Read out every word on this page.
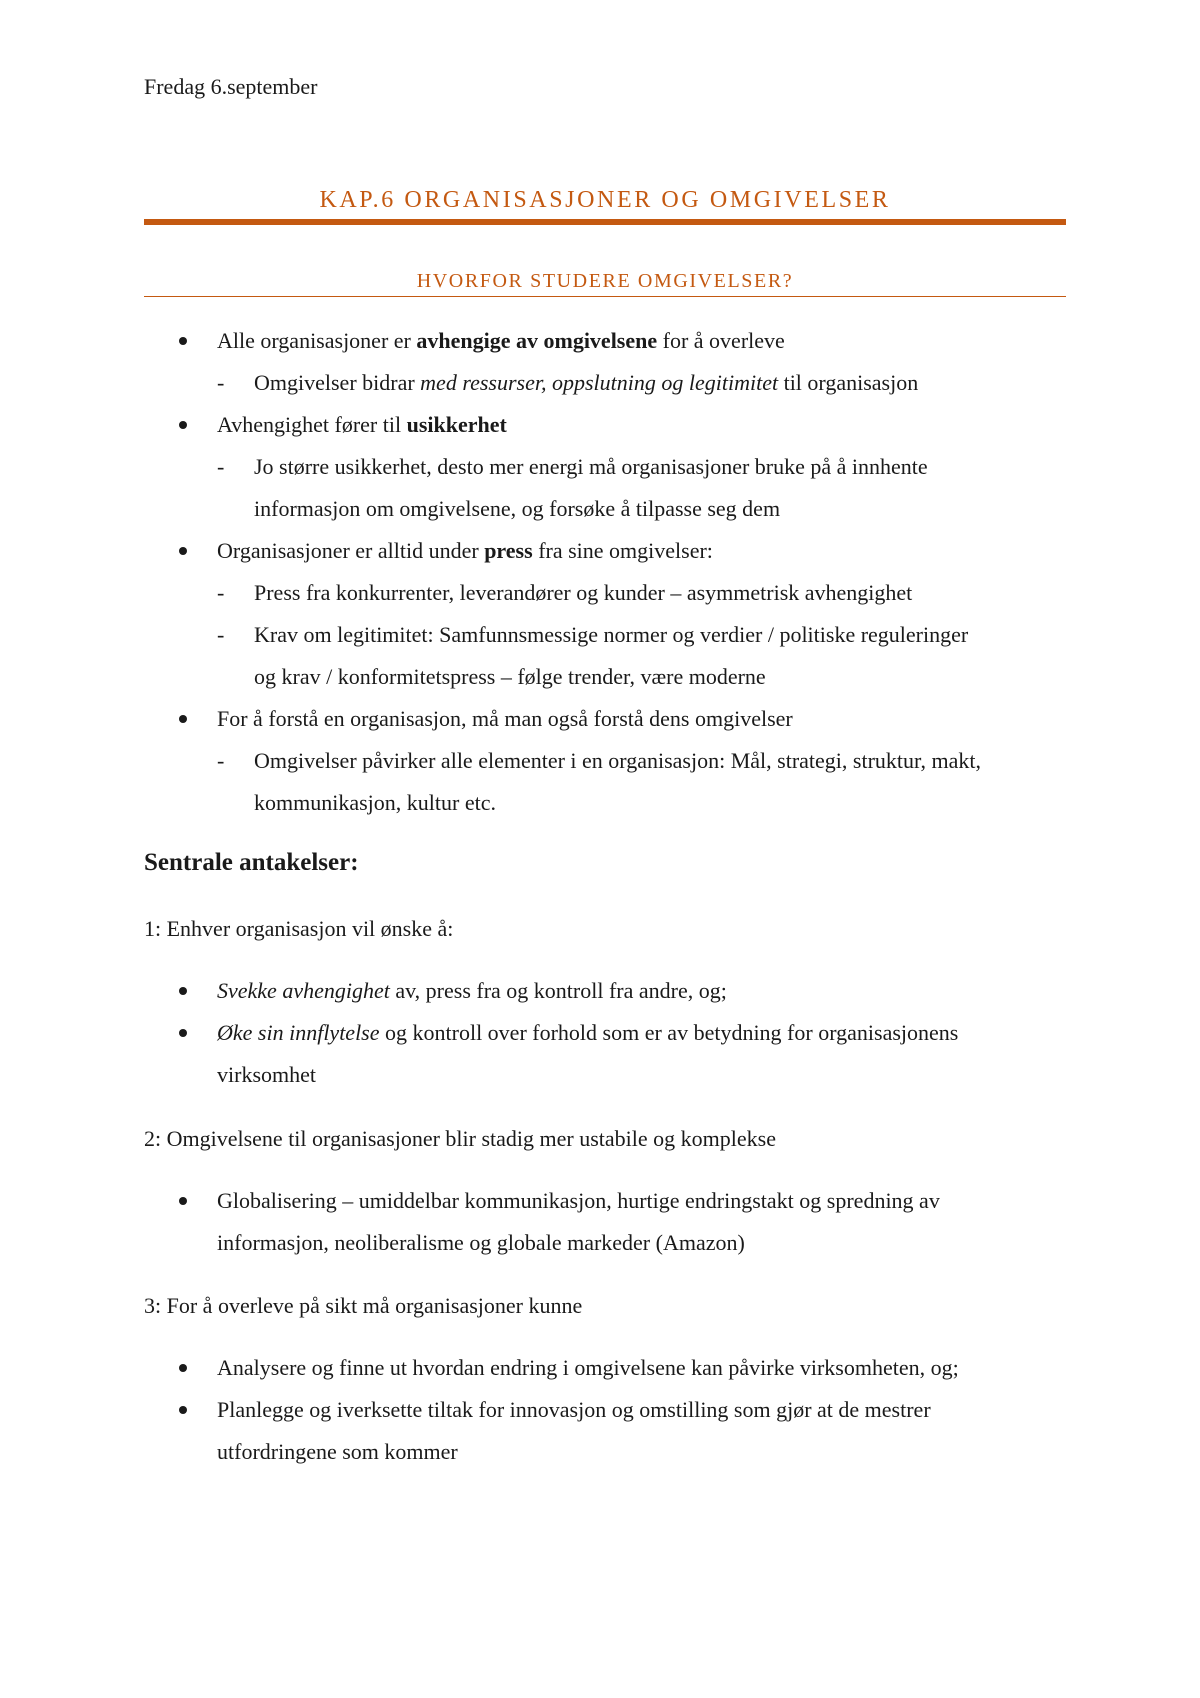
Fredag 6.september
KAP.6 ORGANISASJONER OG OMGIVELSER
HVORFOR STUDERE OMGIVELSER?
Alle organisasjoner er avhengige av omgivelsene for å overleve
- Omgivelser bidrar med ressurser, oppslutning og legitimitet til organisasjon
Avhengighet fører til usikkerhet
- Jo større usikkerhet, desto mer energi må organisasjoner bruke på å innhente
informasjon om omgivelsene, og forsøke å tilpasse seg dem
Organisasjoner er alltid under press fra sine omgivelser:
- Press fra konkurrenter, leverandører og kunder – asymmetrisk avhengighet
- Krav om legitimitet: Samfunnsmessige normer og verdier / politiske reguleringer
og krav / konformitetspress – følge trender, være moderne
For å forstå en organisasjon, må man også forstå dens omgivelser
- Omgivelser påvirker alle elementer i en organisasjon: Mål, strategi, struktur, makt,
kommunikasjon, kultur etc.
Sentrale antakelser:
1: Enhver organisasjon vil ønske å:
Svekke avhengighet av, press fra og kontroll fra andre, og;
Øke sin innflytelse og kontroll over forhold som er av betydning for organisasjonens
virksomhet
2: Omgivelsene til organisasjoner blir stadig mer ustabile og komplekse
Globalisering – umiddelbar kommunikasjon, hurtige endringstakt og spredning av
informasjon, neoliberalisme og globale markeder (Amazon)
3: For å overleve på sikt må organisasjoner kunne
Analysere og finne ut hvordan endring i omgivelsene kan påvirke virksomheten, og;
Planlegge og iverksette tiltak for innovasjon og omstilling som gjør at de mestrer
utfordringene som kommer
